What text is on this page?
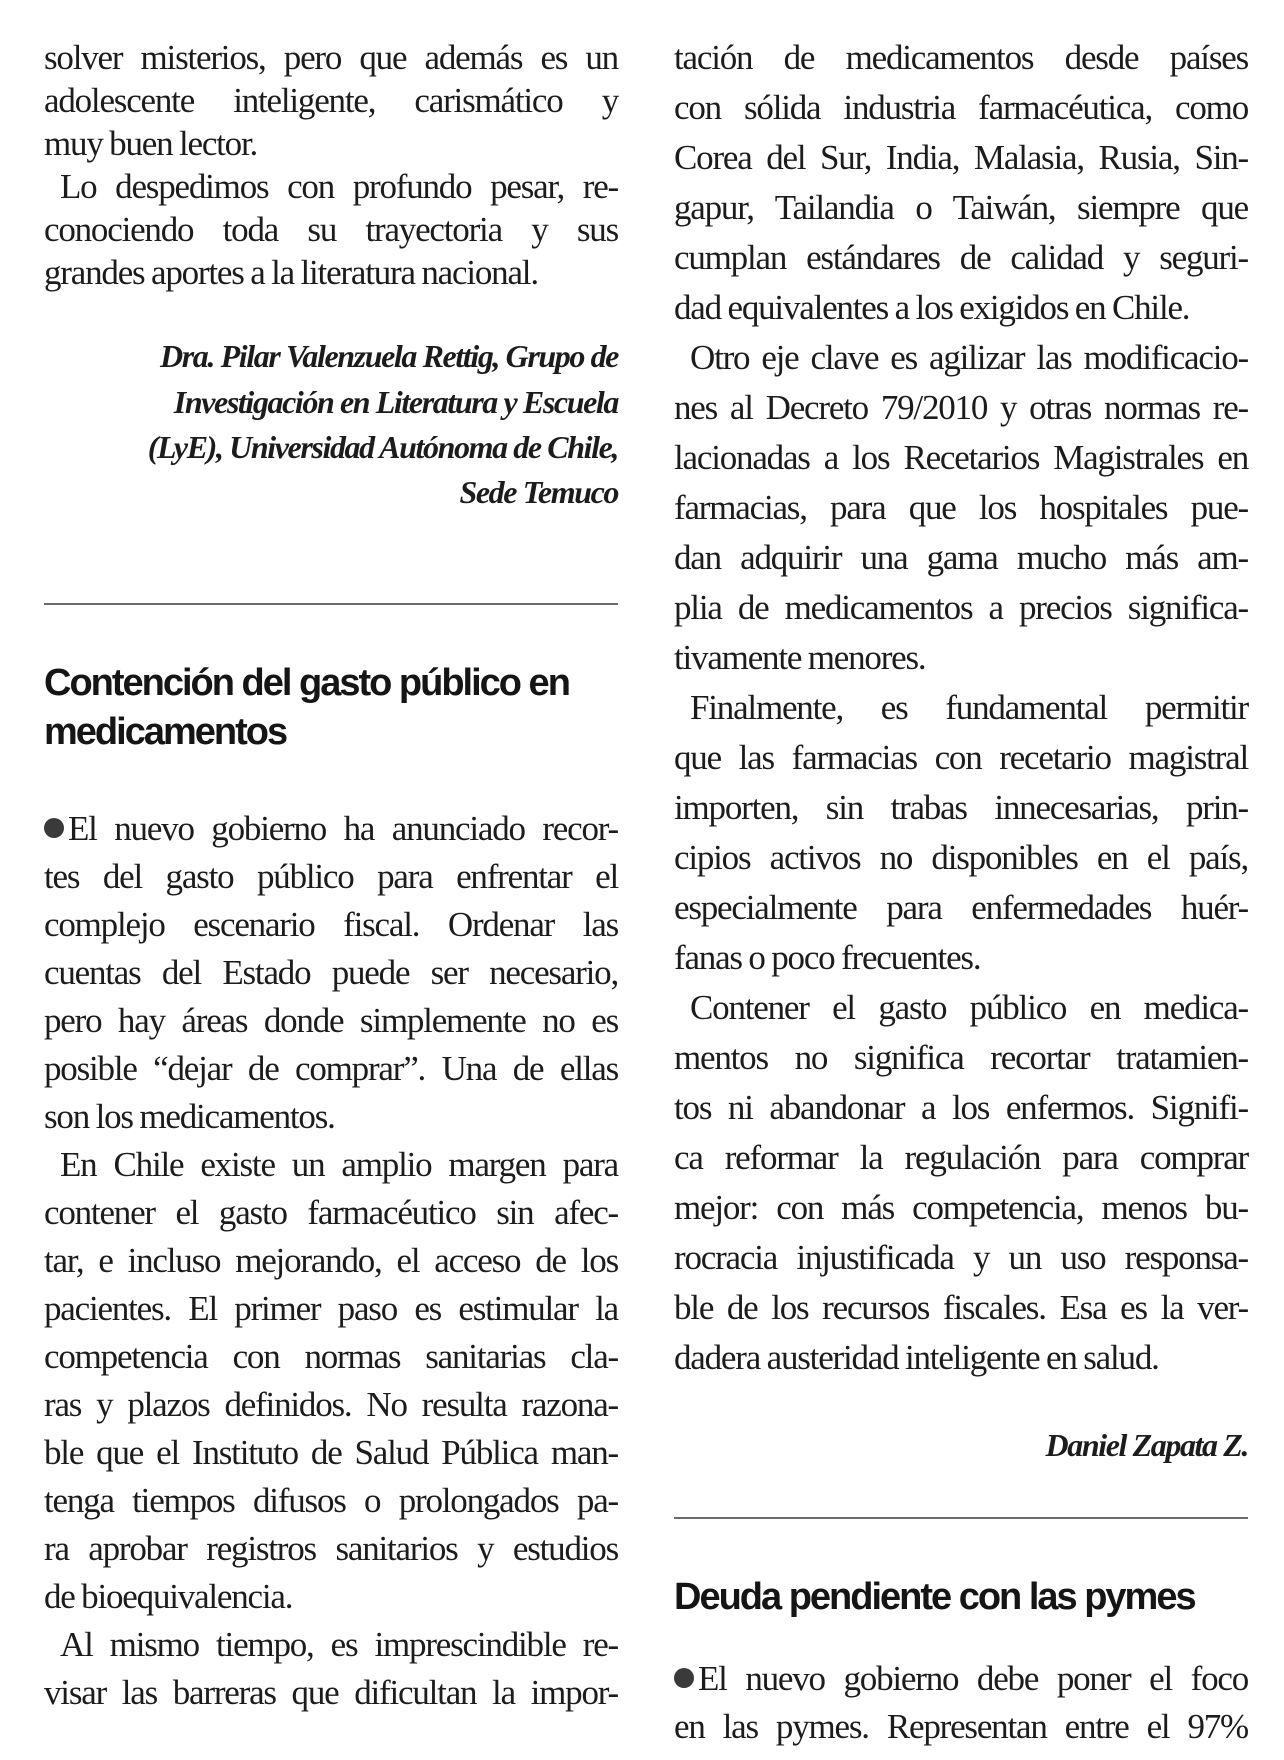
solver misterios, pero que además es un
adolescente inteligente, carismático y
muy buen lector.
Lo despedimos con profundo pesar, re-
conociendo toda su trayectoria y sus
grandes aportes a la literatura nacional.
Dra. Pilar Valenzuela Rettig, Grupo de
Investigación en Literatura y Escuela
(LyE), Universidad Autónoma de Chile,
Sede Temuco
Contención del gasto público en
medicamentos
El nuevo gobierno ha anunciado recor-
tes del gasto público para enfrentar el
complejo escenario fiscal. Ordenar las
cuentas del Estado puede ser necesario,
pero hay áreas donde simplemente no es
posible “dejar de comprar”. Una de ellas
son los medicamentos.
En Chile existe un amplio margen para
contener el gasto farmacéutico sin afec-
tar, e incluso mejorando, el acceso de los
pacientes. El primer paso es estimular la
competencia con normas sanitarias cla-
ras y plazos definidos. No resulta razona-
ble que el Instituto de Salud Pública man-
tenga tiempos difusos o prolongados pa-
ra aprobar registros sanitarios y estudios
de bioequivalencia.
Al mismo tiempo, es imprescindible re-
visar las barreras que dificultan la impor-
tación de medicamentos desde países
con sólida industria farmacéutica, como
Corea del Sur, India, Malasia, Rusia, Sin-
gapur, Tailandia o Taiwán, siempre que
cumplan estándares de calidad y seguri-
dad equivalentes a los exigidos en Chile.
Otro eje clave es agilizar las modificacio-
nes al Decreto 79/2010 y otras normas re-
lacionadas a los Recetarios Magistrales en
farmacias, para que los hospitales pue-
dan adquirir una gama mucho más am-
plia de medicamentos a precios significa-
tivamente menores.
Finalmente, es fundamental permitir
que las farmacias con recetario magistral
importen, sin trabas innecesarias, prin-
cipios activos no disponibles en el país,
especialmente para enfermedades huér-
fanas o poco frecuentes.
Contener el gasto público en medica-
mentos no significa recortar tratamien-
tos ni abandonar a los enfermos. Signifi-
ca reformar la regulación para comprar
mejor: con más competencia, menos bu-
rocracia injustificada y un uso responsa-
ble de los recursos fiscales. Esa es la ver-
dadera austeridad inteligente en salud.
Daniel Zapata Z.
Deuda pendiente con las pymes
El nuevo gobierno debe poner el foco
en las pymes. Representan entre el 97%
